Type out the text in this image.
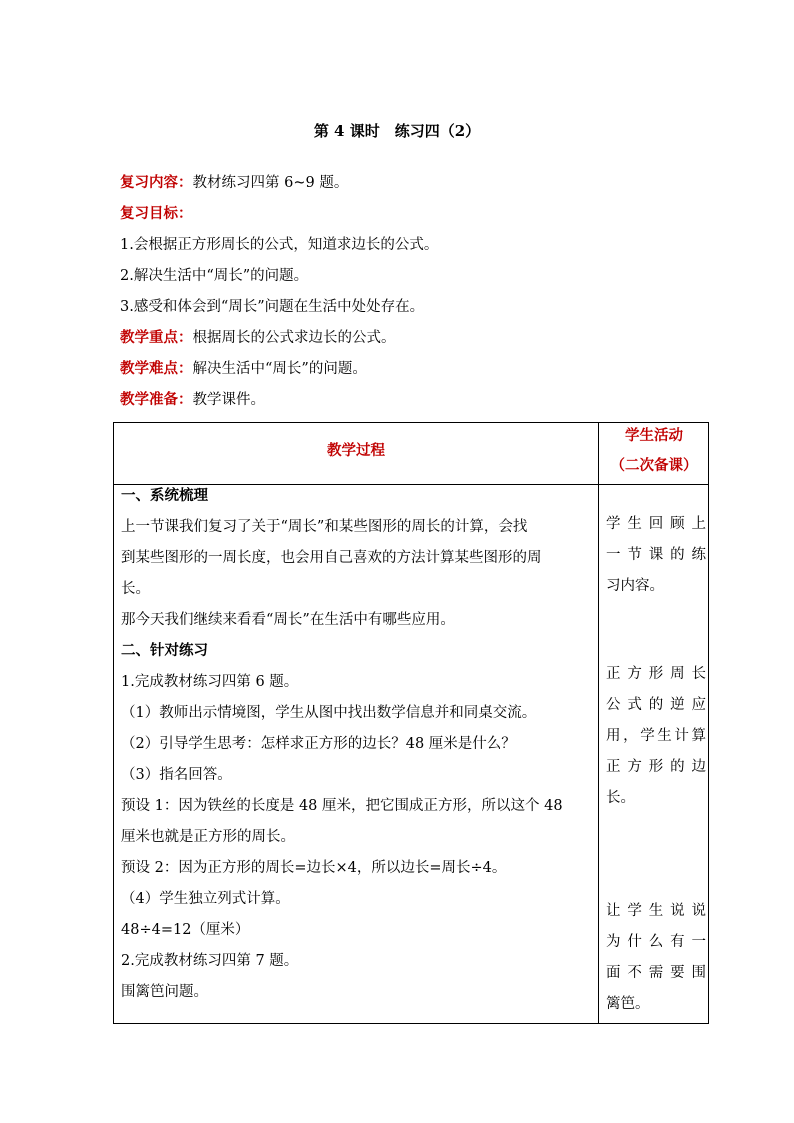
第 4 课时　练习四（2）
复习内容：教材练习四第 6~9 题。
复习目标：
1.会根据正方形周长的公式，知道求边长的公式。
2.解决生活中“周长”的问题。
3.感受和体会到“周长”问题在生活中处处存在。
教学重点：根据周长的公式求边长的公式。
教学难点：解决生活中“周长”的问题。
教学准备：教学课件。
教学过程
学生活动
（二次备课）
一、系统梳理
上一节课我们复习了关于“周长”和某些图形的周长的计算，会找
到某些图形的一周长度，也会用自己喜欢的方法计算某些图形的周
长。
那今天我们继续来看看“周长”在生活中有哪些应用。
二、针对练习
1.完成教材练习四第 6 题。
（1）教师出示情境图，学生从图中找出数学信息并和同桌交流。
（2）引导学生思考：怎样求正方形的边长？48 厘米是什么？
（3）指名回答。
预设 1：因为铁丝的长度是 48 厘米，把它围成正方形，所以这个 48
厘米也就是正方形的周长。
预设 2：因为正方形的周长=边长×4，所以边长=周长÷4。
（4）学生独立列式计算。
48÷4=12（厘米）
2.完成教材练习四第 7 题。
围篱笆问题。
学生回顾上
一节课的练
习内容。
正方形周长
公式的逆应
用，学生计算
正方形的边
长。
让学生说说
为什么有一
面不需要围
篱笆。
